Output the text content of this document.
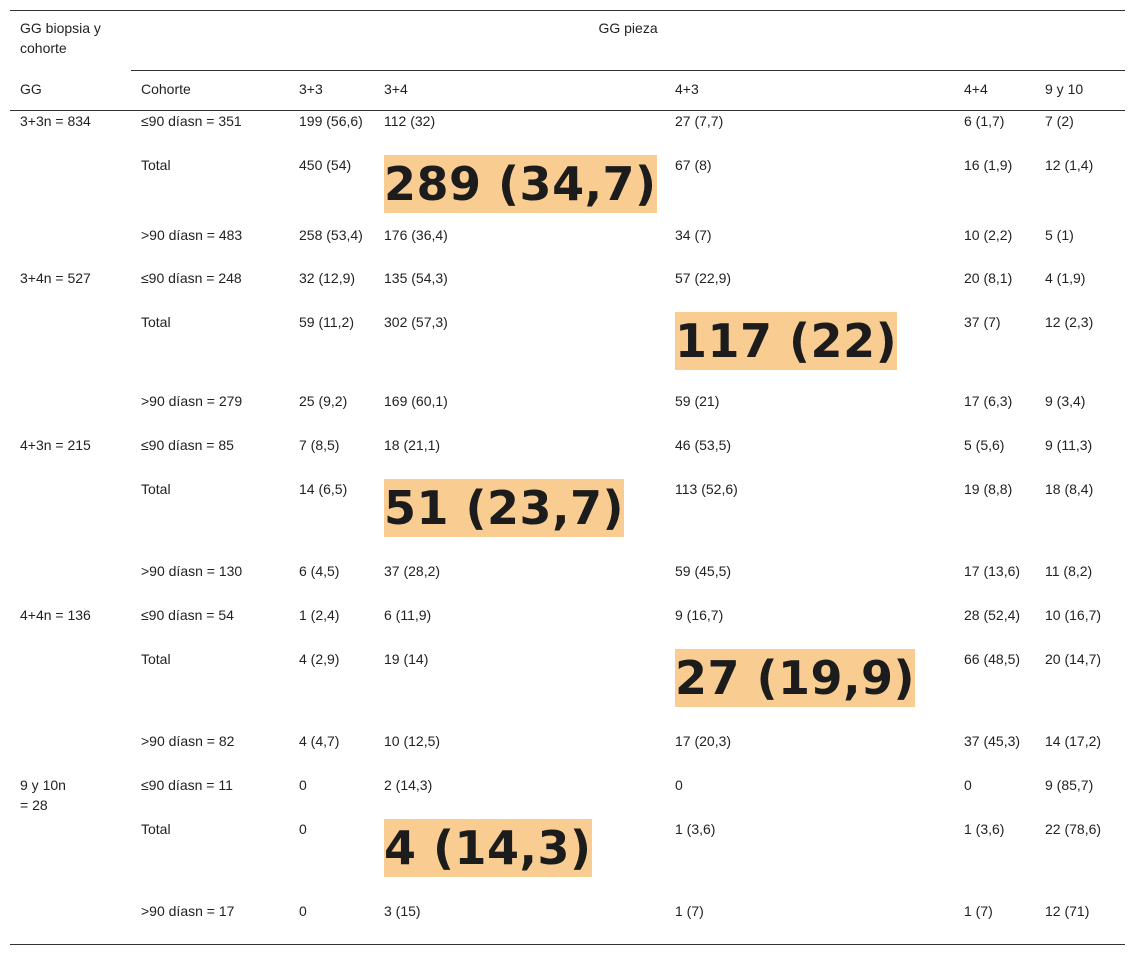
GG biopsia y cohorte	GG pieza					
GG	Cohorte	3+3	3+4	4+3	4+4	9 y 10
3+3n = 834	≤90 díasn = 351	199 (56,6)	112 (32)	27 (7,7)	6 (1,7)	7 (2)
	Total	450 (54)	289 (34,7)	67 (8)	16 (1,9)	12 (1,4)
	>90 díasn = 483	258 (53,4)	176 (36,4)	34 (7)	10 (2,2)	5 (1)
3+4n = 527	≤90 díasn = 248	32 (12,9)	135 (54,3)	57 (22,9)	20 (8,1)	4 (1,9)
	Total	59 (11,2)	302 (57,3)	117 (22)	37 (7)	12 (2,3)
	>90 díasn = 279	25 (9,2)	169 (60,1)	59 (21)	17 (6,3)	9 (3,4)
4+3n = 215	≤90 díasn = 85	7 (8,5)	18 (21,1)	46 (53,5)	5 (5,6)	9 (11,3)
	Total	14 (6,5)	51 (23,7)	113 (52,6)	19 (8,8)	18 (8,4)
	>90 díasn = 130	6 (4,5)	37 (28,2)	59 (45,5)	17 (13,6)	11 (8,2)
4+4n = 136	≤90 díasn = 54	1 (2,4)	6 (11,9)	9 (16,7)	28 (52,4)	10 (16,7)
	Total	4 (2,9)	19 (14)	27 (19,9)	66 (48,5)	20 (14,7)
	>90 díasn = 82	4 (4,7)	10 (12,5)	17 (20,3)	37 (45,3)	14 (17,2)
9 y 10n = 28	≤90 díasn = 11	0	2 (14,3)	0	0	9 (85,7)
	Total	0	4 (14,3)	1 (3,6)	1 (3,6)	22 (78,6)
	>90 díasn = 17	0	3 (15)	1 (7)	1 (7)	12 (71)
